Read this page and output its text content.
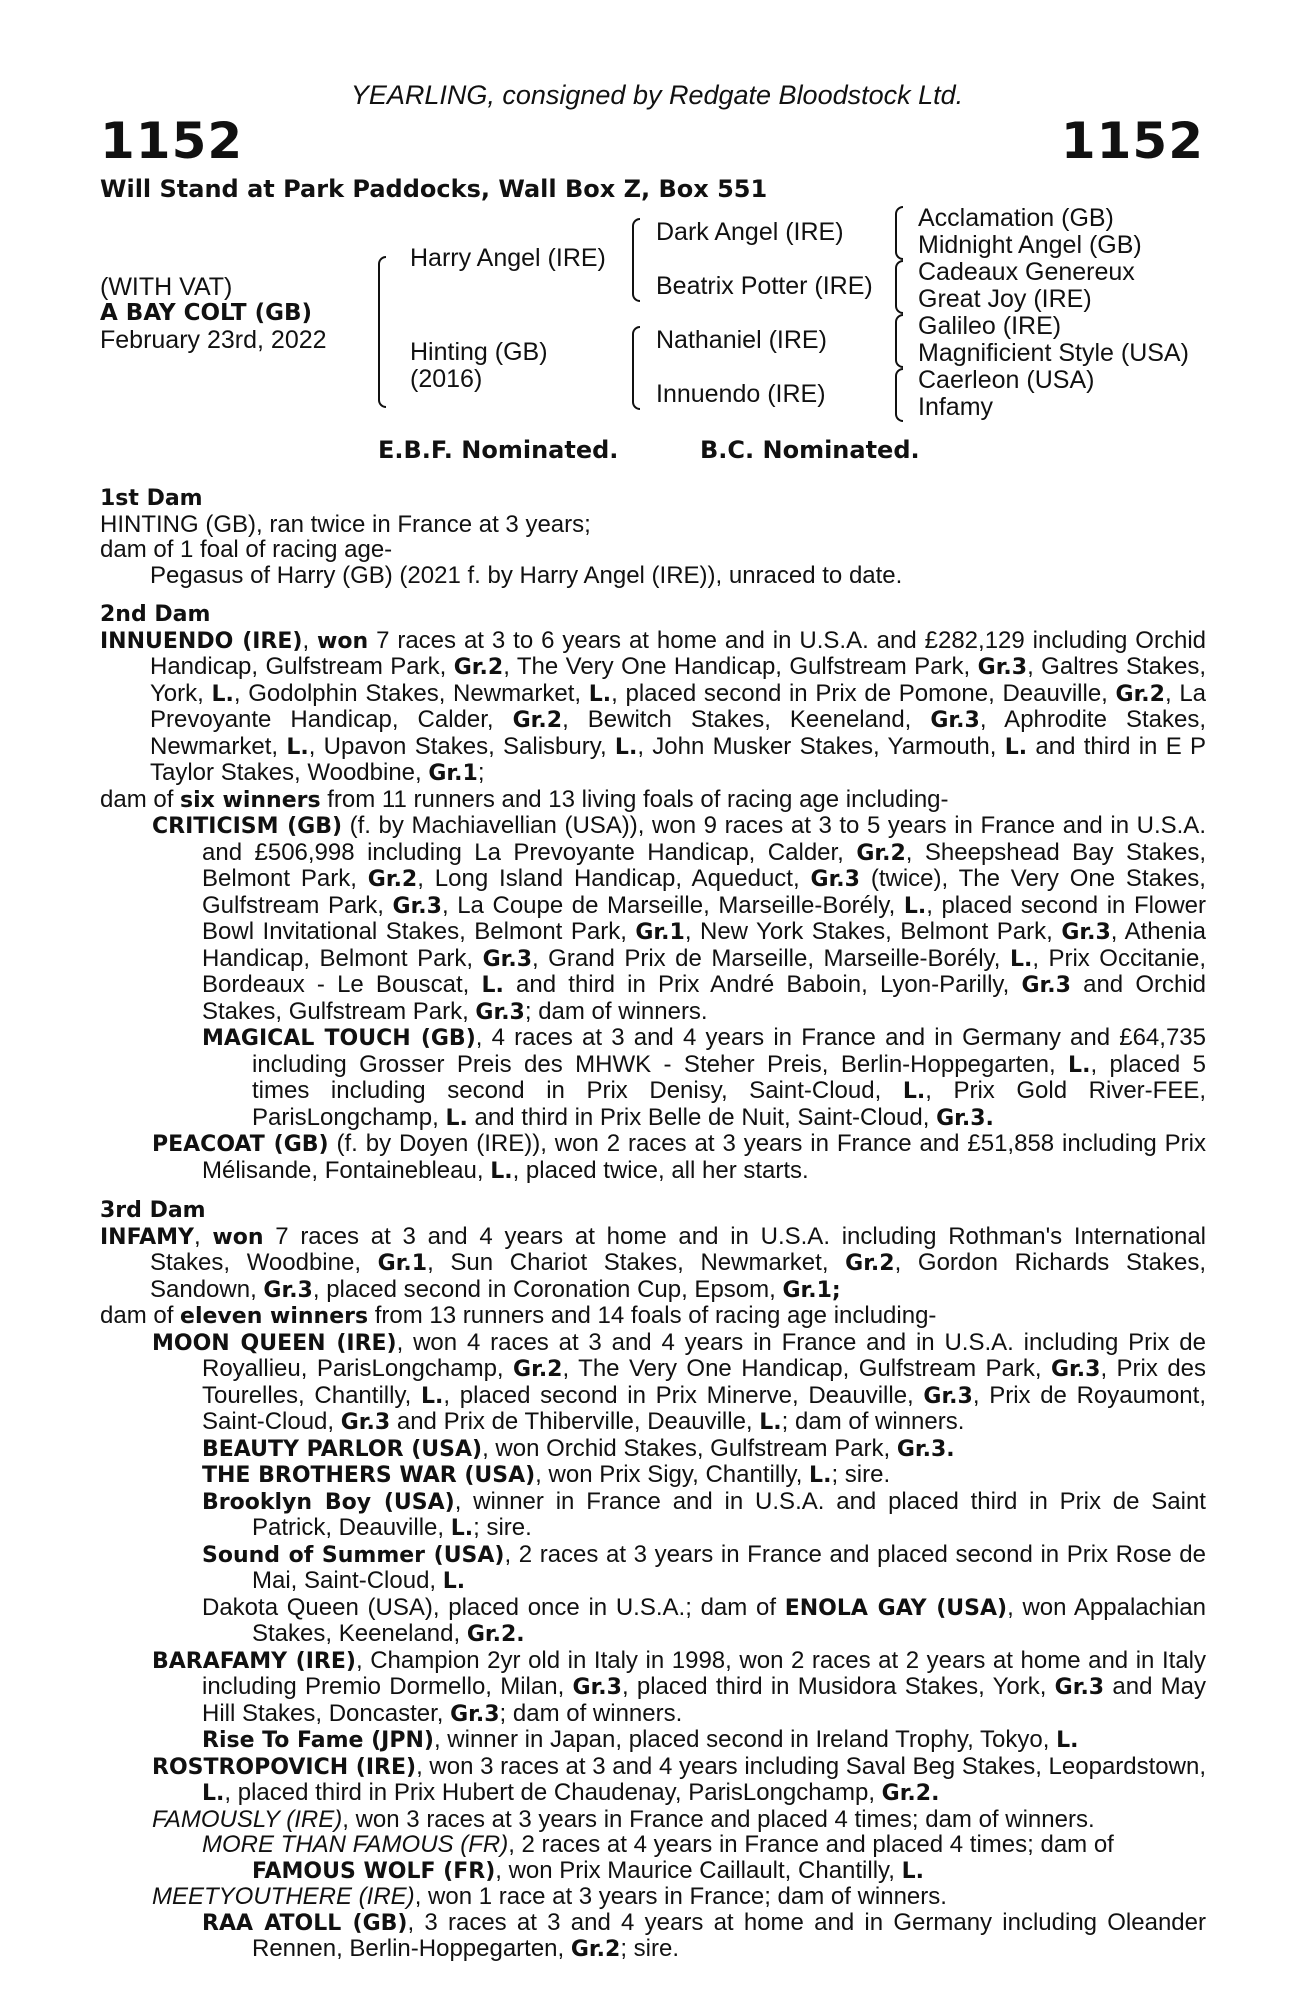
YEARLING, consigned by Redgate Bloodstock Ltd.
1152	1152
Will Stand at Park Paddocks, Wall Box Z, Box 551
(WITH VAT)
A BAY COLT (GB)
February 23rd, 2022
Harry Angel (IRE)
Hinting (GB)
(2016)
Dark Angel (IRE)
Beatrix Potter (IRE)
Nathaniel (IRE)
Innuendo (IRE)
Acclamation (GB)
Midnight Angel (GB)
Cadeaux Genereux
Great Joy (IRE)
Galileo (IRE)
Magnificient Style (USA)
Caerleon (USA)
Infamy
E.B.F. Nominated.	B.C. Nominated.
1st Dam

HINTING (GB), ran twice in France at 3 years;

dam of 1 foal of racing age-

Pegasus of Harry (GB) (2021 f. by Harry Angel (IRE)), unraced to date.

2nd Dam

INNUENDO (IRE), won 7 races at 3 to 6 years at home and in U.S.A. and £282,129 including Orchid Handicap, Gulfstream Park, Gr.2, The Very One Handicap, Gulfstream Park, Gr.3, Galtres Stakes, York, L., Godolphin Stakes, Newmarket, L., placed second in Prix de Pomone, Deauville, Gr.2, La Prevoyante Handicap, Calder, Gr.2, Bewitch Stakes, Keeneland, Gr.3, Aphrodite Stakes, Newmarket, L., Upavon Stakes, Salisbury, L., John Musker Stakes, Yarmouth, L. and third in E P Taylor Stakes, Woodbine, Gr.1;

dam of six winners from 11 runners and 13 living foals of racing age including-

CRITICISM (GB) (f. by Machiavellian (USA)), won 9 races at 3 to 5 years in France and in U.S.A. and £506,998 including La Prevoyante Handicap, Calder, Gr.2, Sheepshead Bay Stakes, Belmont Park, Gr.2, Long Island Handicap, Aqueduct, Gr.3 (twice), The Very One Stakes, Gulfstream Park, Gr.3, La Coupe de Marseille, Marseille-Borély, L., placed second in Flower Bowl Invitational Stakes, Belmont Park, Gr.1, New York Stakes, Belmont Park, Gr.3, Athenia Handicap, Belmont Park, Gr.3, Grand Prix de Marseille, Marseille-Borély, L., Prix Occitanie, Bordeaux - Le Bouscat, L. and third in Prix André Baboin, Lyon-Parilly, Gr.3 and Orchid Stakes, Gulfstream Park, Gr.3; dam of winners.

MAGICAL TOUCH (GB), 4 races at 3 and 4 years in France and in Germany and £64,735 including Grosser Preis des MHWK - Steher Preis, Berlin-Hoppegarten, L., placed 5 times including second in Prix Denisy, Saint-Cloud, L., Prix Gold River-FEE, ParisLongchamp, L. and third in Prix Belle de Nuit, Saint-Cloud, Gr.3.

PEACOAT (GB) (f. by Doyen (IRE)), won 2 races at 3 years in France and £51,858 including Prix Mélisande, Fontainebleau, L., placed twice, all her starts.

3rd Dam

INFAMY, won 7 races at 3 and 4 years at home and in U.S.A. including Rothman's International Stakes, Woodbine, Gr.1, Sun Chariot Stakes, Newmarket, Gr.2, Gordon Richards Stakes, Sandown, Gr.3, placed second in Coronation Cup, Epsom, Gr.1;

dam of eleven winners from 13 runners and 14 foals of racing age including-

MOON QUEEN (IRE), won 4 races at 3 and 4 years in France and in U.S.A. including Prix de Royallieu, ParisLongchamp, Gr.2, The Very One Handicap, Gulfstream Park, Gr.3, Prix des Tourelles, Chantilly, L., placed second in Prix Minerve, Deauville, Gr.3, Prix de Royaumont, Saint-Cloud, Gr.3 and Prix de Thiberville, Deauville, L.; dam of winners.

BEAUTY PARLOR (USA), won Orchid Stakes, Gulfstream Park, Gr.3.

THE BROTHERS WAR (USA), won Prix Sigy, Chantilly, L.; sire.

Brooklyn Boy (USA), winner in France and in U.S.A. and placed third in Prix de Saint Patrick, Deauville, L.; sire.

Sound of Summer (USA), 2 races at 3 years in France and placed second in Prix Rose de Mai, Saint-Cloud, L.

Dakota Queen (USA), placed once in U.S.A.; dam of ENOLA GAY (USA), won Appalachian Stakes, Keeneland, Gr.2.

BARAFAMY (IRE), Champion 2yr old in Italy in 1998, won 2 races at 2 years at home and in Italy including Premio Dormello, Milan, Gr.3, placed third in Musidora Stakes, York, Gr.3 and May Hill Stakes, Doncaster, Gr.3; dam of winners.

Rise To Fame (JPN), winner in Japan, placed second in Ireland Trophy, Tokyo, L.

ROSTROPOVICH (IRE), won 3 races at 3 and 4 years including Saval Beg Stakes, Leopardstown, L., placed third in Prix Hubert de Chaudenay, ParisLongchamp, Gr.2.

FAMOUSLY (IRE), won 3 races at 3 years in France and placed 4 times; dam of winners.

MORE THAN FAMOUS (FR), 2 races at 4 years in France and placed 4 times; dam of

FAMOUS WOLF (FR), won Prix Maurice Caillault, Chantilly, L.

MEETYOUTHERE (IRE), won 1 race at 3 years in France; dam of winners.

RAA ATOLL (GB), 3 races at 3 and 4 years at home and in Germany including Oleander Rennen, Berlin-Hoppegarten, Gr.2; sire.
